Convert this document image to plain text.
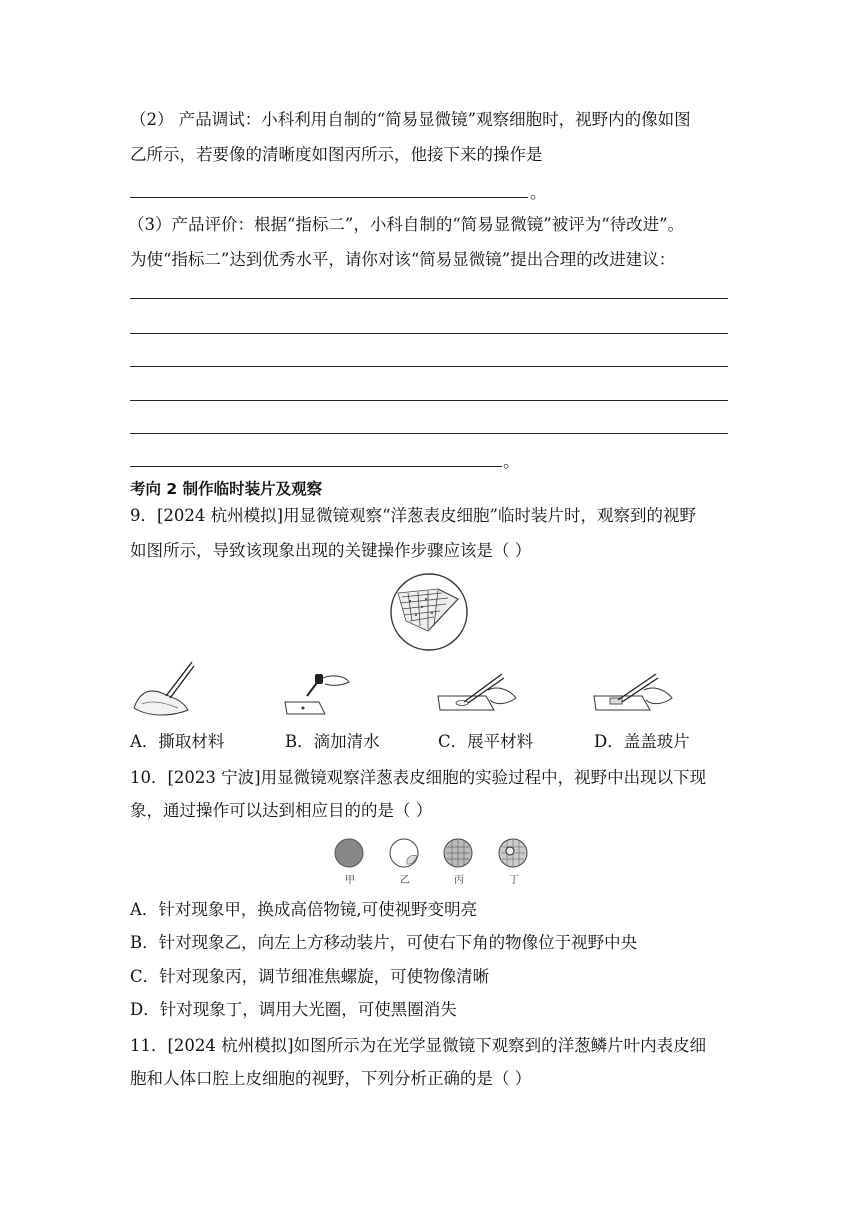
（2） 产品调试：小科利用自制的“简易显微镜”观察细胞时，视野内的像如图
乙所示，若要像的清晰度如图丙所示，他接下来的操作是
。
（3）产品评价：根据“指标二”，小科自制的“简易显微镜”被评为“待改进”。
为使“指标二”达到优秀水平，请你对该“简易显微镜”提出合理的改进建议：
。
考向 2 制作临时装片及观察
9．[2024 杭州模拟]用显微镜观察“洋葱表皮细胞”临时装片时，观察到的视野
如图所示，导致该现象出现的关键操作步骤应该是（ ）
A．撕取材料	B．滴加清水	C．展平材料	D．盖盖玻片
10．[2023 宁波]用显微镜观察洋葱表皮细胞的实验过程中，视野中出现以下现
象，通过操作可以达到相应目的的是（ ）
甲	乙	丙	丁
A．针对现象甲，换成高倍物镜,可使视野变明亮
B．针对现象乙，向左上方移动装片，可使右下角的物像位于视野中央
C．针对现象丙，调节细准焦螺旋，可使物像清晰
D．针对现象丁，调用大光圈，可使黑圈消失
11．[2024 杭州模拟]如图所示为在光学显微镜下观察到的洋葱鳞片叶内表皮细
胞和人体口腔上皮细胞的视野，下列分析正确的是（ ）
